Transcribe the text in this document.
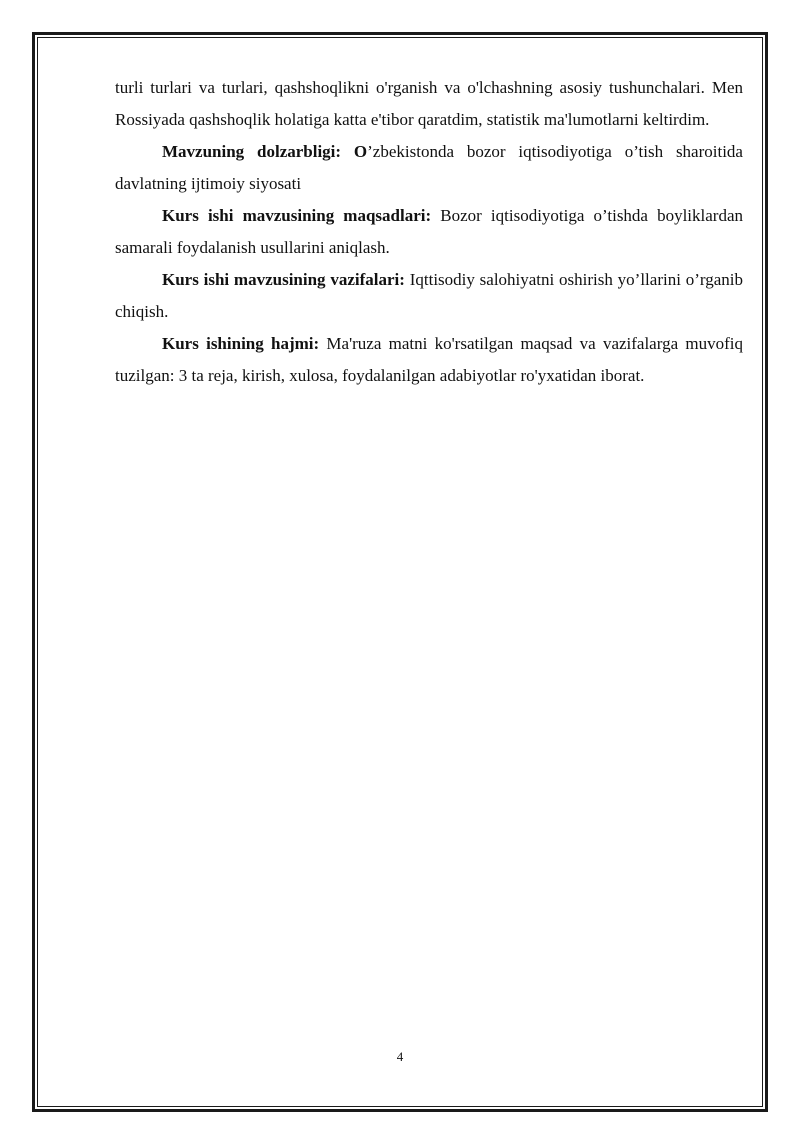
turli turlari va turlari, qashshoqlikni o'rganish va o'lchashning asosiy tushunchalari. Men Rossiyada qashshoqlik holatiga katta e'tibor qaratdim, statistik ma'lumotlarni keltirdim.

Mavzuning dolzarbligi: O’zbekistonda bozor iqtisodiyotiga o’tish sharoitida davlatning ijtimoiy siyosati

Kurs ishi mavzusining maqsadlari: Bozor iqtisodiyotiga o’tishda boyliklardan samarali foydalanish usullarini aniqlash.

Kurs ishi mavzusining vazifalari: Iqttisodiy salohiyatni oshirish yo’llarini o’rganib chiqish.

Kurs ishining hajmi: Ma'ruza matni ko'rsatilgan maqsad va vazifalarga muvofiq tuzilgan: 3 ta reja, kirish, xulosa, foydalanilgan adabiyotlar ro'yxatidan iborat.

4
